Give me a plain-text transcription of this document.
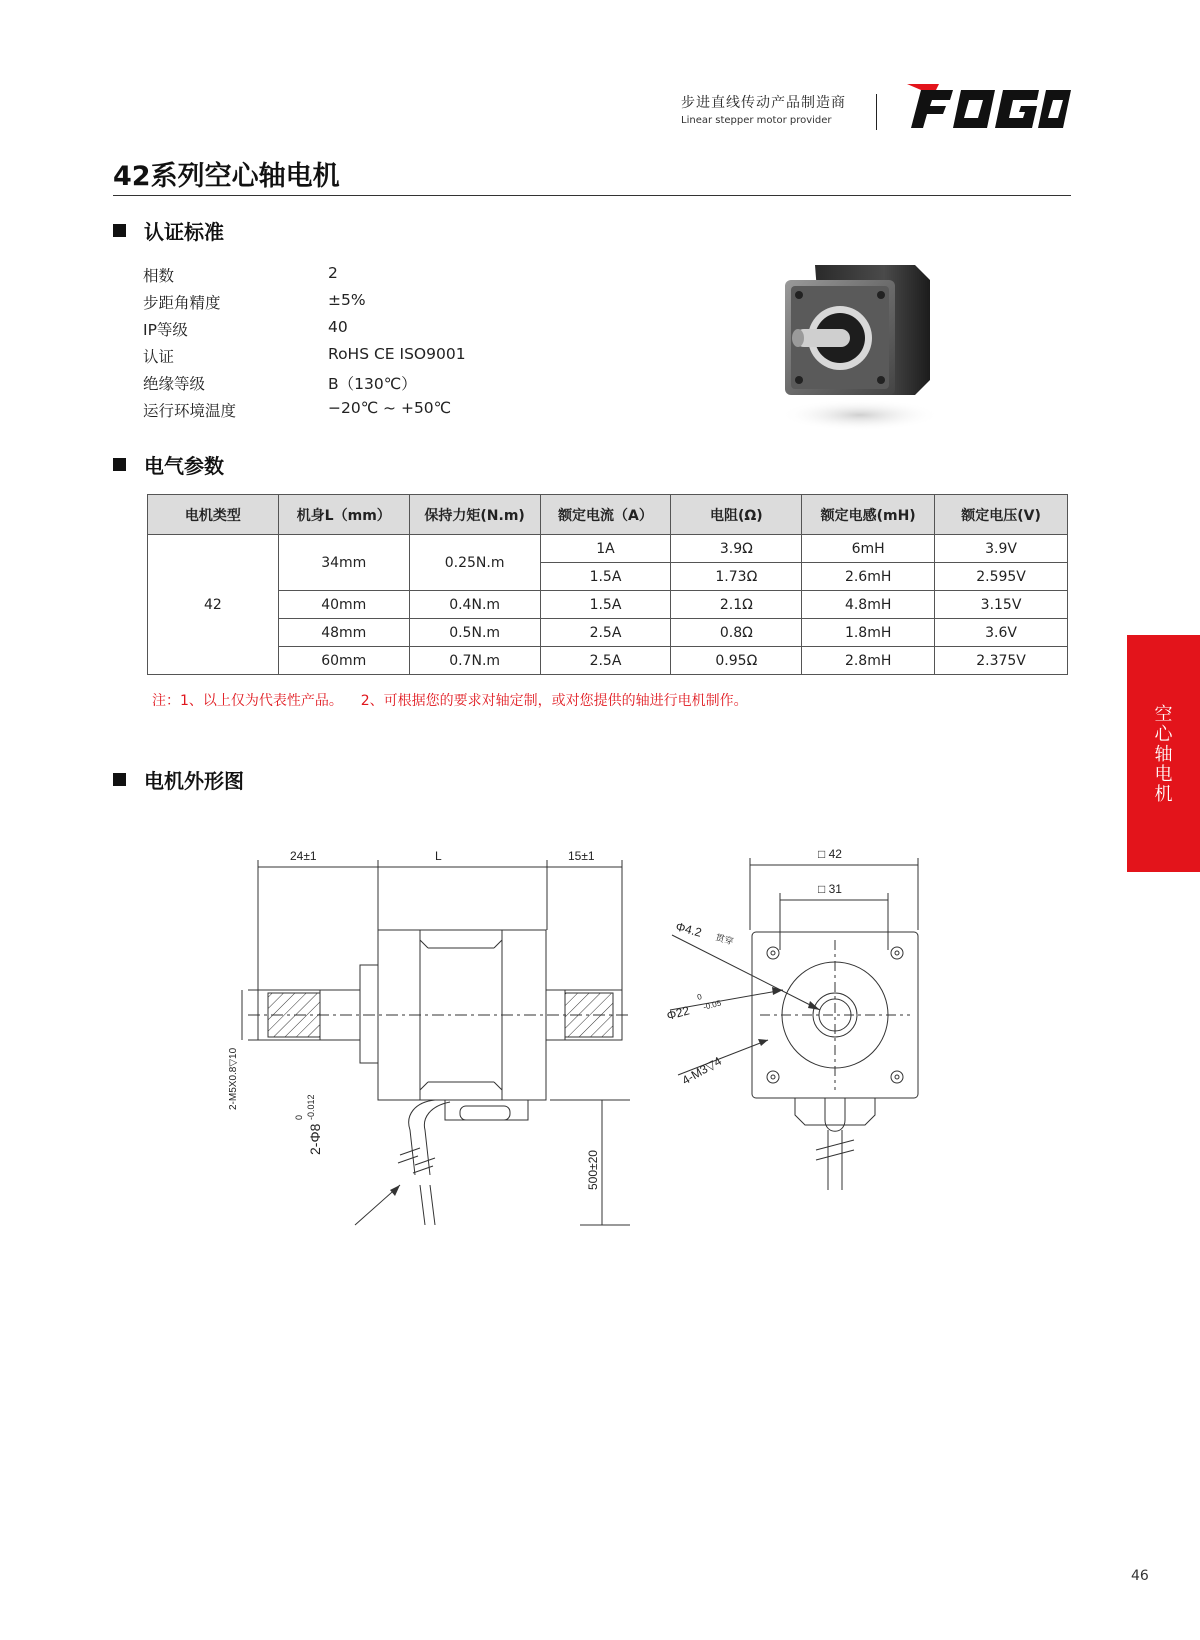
步进直线传动产品制造商
Linear stepper motor provider
42系列空心轴电机
认证标准
相数	2
步距角精度	±5%
IP等级	40
认证	RoHS CE ISO9001
绝缘等级	B（130℃）
运行环境温度	−20℃ ~ +50℃
电气参数
电机类型	机身L（mm）	保持力矩(N.m)	额定电流（A）	电阻(Ω)	额定电感(mH)	额定电压(V)
42	34mm	0.25N.m	1A	3.9Ω	6mH	3.9V
			1.5A	1.73Ω	2.6mH	2.595V
	40mm	0.4N.m	1.5A	2.1Ω	4.8mH	3.15V
	48mm	0.5N.m	2.5A	0.8Ω	1.8mH	3.6V
	60mm	0.7N.m	2.5A	0.95Ω	2.8mH	2.375V
注：1、以上仅为代表性产品。    2、可根据您的要求对轴定制，或对您提供的轴进行电机制作。
空
心
轴
电
机
电机外形图
24±1	L	15±1
2-M5X0.8▽10
2-Φ8
0 -0.012
500±20
□ 42
□ 31
Φ4.2 贯穿
Φ22
0
-0.05
4-M3▽4
46
